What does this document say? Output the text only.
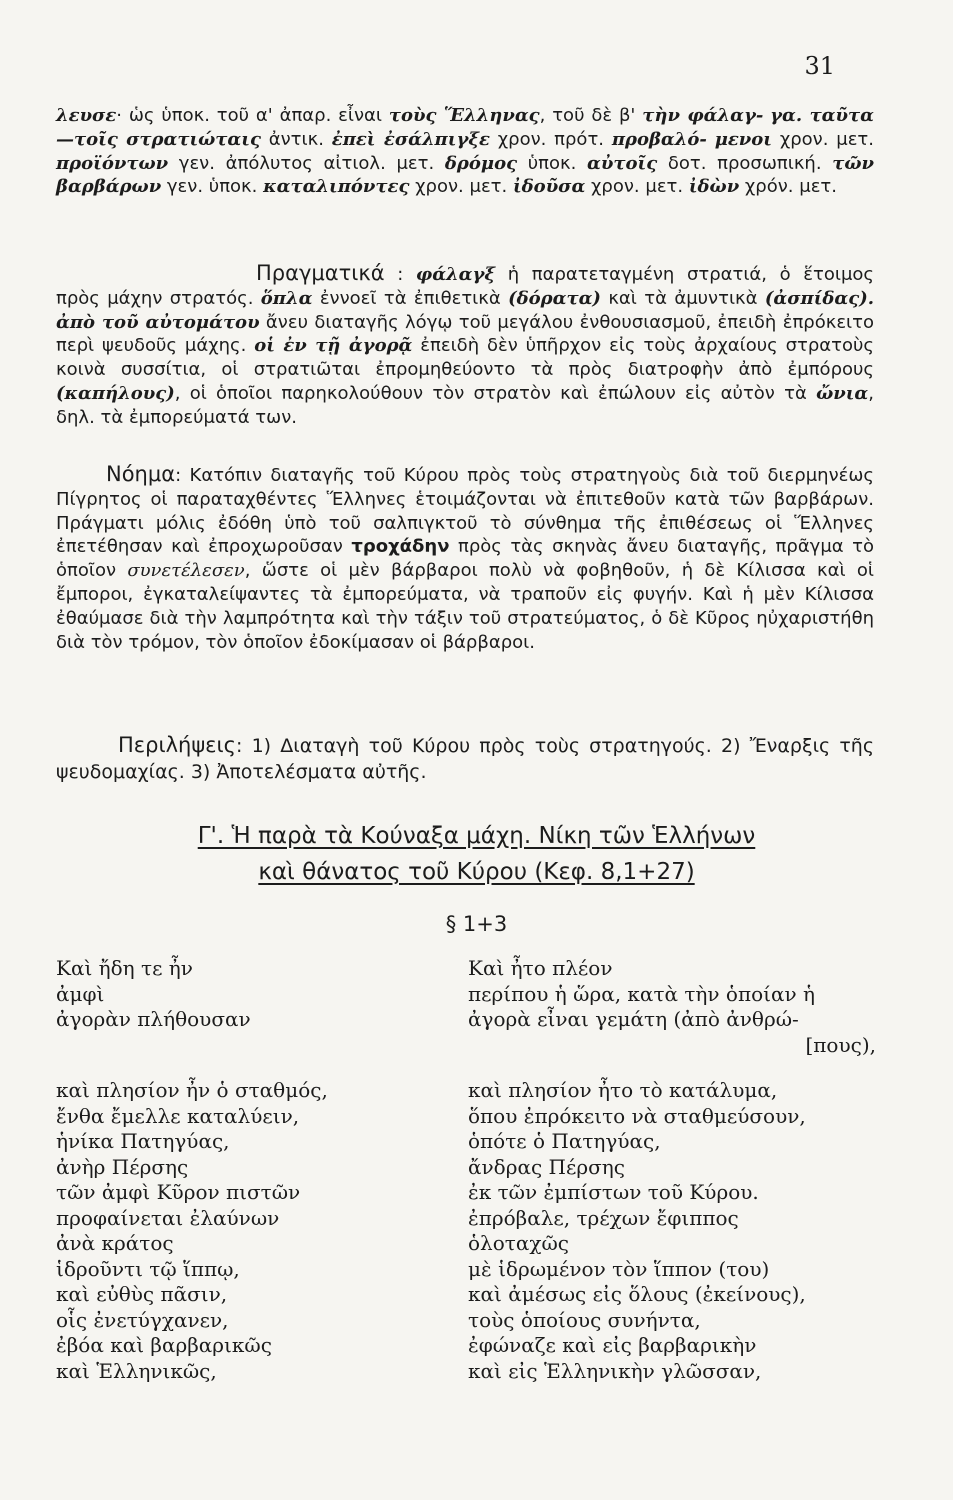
31

λευσε· ὡς ὑποκ. τοῦ α' ἀπαρ. εἶναι τοὺς Ἕλληνας, τοῦ δὲ β' τὴν φάλαγ- γα. ταῦτα—τοῖς στρατιώταις ἀντικ. ἐπεὶ ἐσάλπιγξε χρον. πρότ. προβαλό- μενοι χρον. μετ. προϊόντων γεν. ἀπόλυτος αἰτιολ. μετ. δρόμος ὑποκ. αὐτοῖς δοτ. προσωπική. τῶν βαρβάρων γεν. ὑποκ. καταλιπόντες χρον. μετ. ἰδοῦσα χρον. μετ. ἰδὼν χρόν. μετ.

Πραγματικά : φάλαγξ ἡ παρατεταγμένη στρατιά, ὁ ἕτοιμος πρὸς μάχην στρατός. ὅπλα ἐννοεῖ τὰ ἐπιθετικὰ (δόρατα) καὶ τὰ ἀμυντικὰ (ἀσπίδας). ἀπὸ τοῦ αὐτομάτου ἄνευ διαταγῆς λόγῳ τοῦ μεγάλου ἐνθουσιασμοῦ, ἐπειδὴ ἐπρόκειτο περὶ ψευδοῦς μάχης. οἱ ἐν τῇ ἀγορᾷ ἐπειδὴ δὲν ὑπῆρχον εἰς τοὺς ἀρχαίους στρατοὺς κοινὰ συσσίτια, οἱ στρατιῶται ἐπρομηθεύοντο τὰ πρὸς διατροφὴν ἀπὸ ἐμπόρους (καπήλους), οἱ ὁποῖοι παρηκολούθουν τὸν στρατὸν καὶ ἐπώλουν εἰς αὐτὸν τὰ ὤνια, δηλ. τὰ ἐμπορεύματά των.

Νόημα: Κατόπιν διαταγῆς τοῦ Κύρου πρὸς τοὺς στρατηγοὺς διὰ τοῦ διερμηνέως Πίγρητος οἱ παραταχθέντες Ἕλληνες ἑτοιμάζονται νὰ ἐπιτεθοῦν κατὰ τῶν βαρβάρων. Πράγματι μόλις ἐδόθη ὑπὸ τοῦ σαλπιγκτοῦ τὸ σύνθημα τῆς ἐπιθέσεως οἱ Ἕλληνες ἐπετέθησαν καὶ ἐπροχωροῦσαν τροχάδην πρὸς τὰς σκηνὰς ἄνευ διαταγῆς, πρᾶγμα τὸ ὁποῖον συνετέλεσεν, ὥστε οἱ μὲν βάρβαροι πολὺ νὰ φοβηθοῦν, ἡ δὲ Κίλισσα καὶ οἱ ἔμποροι, ἐγκαταλείψαντες τὰ ἐμπορεύματα, νὰ τραποῦν εἰς φυγήν. Καὶ ἡ μὲν Κίλισσα ἐθαύμασε διὰ τὴν λαμπρότητα καὶ τὴν τάξιν τοῦ στρατεύματος, ὁ δὲ Κῦρος ηὐχαριστήθη διὰ τὸν τρόμον, τὸν ὁποῖον ἐδοκίμασαν οἱ βάρβαροι.

Περιλήψεις: 1) Διαταγὴ τοῦ Κύρου πρὸς τοὺς στρατηγούς. 2) Ἔναρξις τῆς ψευδομαχίας. 3) Ἀποτελέσματα αὐτῆς.

Γ'. Ἡ παρὰ τὰ Κούναξα μάχη. Νίκη τῶν Ἑλλήνων

καὶ θάνατος τοῦ Κύρου (Κεφ. 8,1+27)

§ 1+3
Καὶ ἤδη τε ἦν
ἀμφὶ
ἀγορὰν πλήθουσαν
καὶ πλησίον ἦν ὁ σταθμός,
ἔνθα ἔμελλε καταλύειν,
ἡνίκα Πατηγύας,
ἀνὴρ Πέρσης
τῶν ἀμφὶ Κῦρον πιστῶν
προφαίνεται ἐλαύνων
ἀνὰ κράτος
ἱδροῦντι τῷ ἵππῳ,
καὶ εὐθὺς πᾶσιν,
οἷς ἐνετύγχανεν,
ἐβόα καὶ βαρβαρικῶς
καὶ Ἑλληνικῶς,
Καὶ ἦτο πλέον
περίπου ἡ ὥρα, κατὰ τὴν ὁποίαν ἡ
ἀγορὰ εἶναι γεμάτη (ἀπὸ ἀνθρώ-
[πους),
καὶ πλησίον ἦτο τὸ κατάλυμα,
ὅπου ἐπρόκειτο νὰ σταθμεύσουν,
ὁπότε ὁ Πατηγύας,
ἄνδρας Πέρσης
ἐκ τῶν ἐμπίστων τοῦ Κύρου.
ἐπρόβαλε, τρέχων ἔφιππος
ὁλοταχῶς
μὲ ἱδρωμένον τὸν ἵππον (του)
καὶ ἀμέσως εἰς ὅλους (ἐκείνους),
τοὺς ὁποίους συνήντα,
ἐφώναζε καὶ εἰς βαρβαρικὴν
καὶ εἰς Ἑλληνικὴν γλῶσσαν,
